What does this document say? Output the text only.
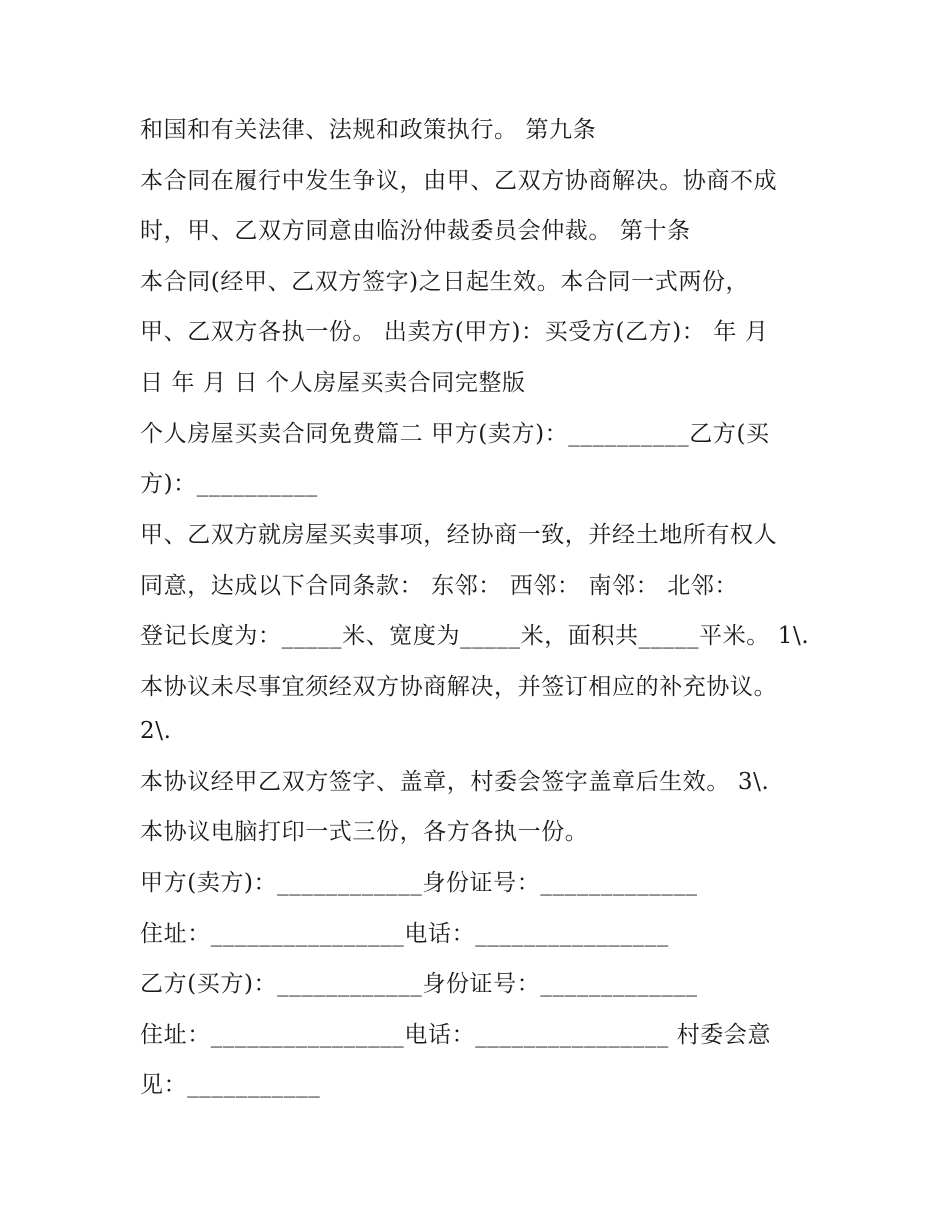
和国和有关法律、法规和政策执行。 第九条
本合同在履行中发生争议，由甲、乙双方协商解决。协商不成
时，甲、乙双方同意由临汾仲裁委员会仲裁。 第十条
本合同(经甲、乙双方签字)之日起生效。本合同一式两份，
甲、乙双方各执一份。 出卖方(甲方)：买受方(乙方)： 年 月
日 年 月 日 个人房屋买卖合同完整版
个人房屋买卖合同免费篇二 甲方(卖方)：__________乙方(买
方)：__________
甲、乙双方就房屋买卖事项，经协商一致，并经土地所有权人
同意，达成以下合同条款： 东邻： 西邻： 南邻： 北邻：
登记长度为：_____米、宽度为_____米，面积共_____平米。 1\.
本协议未尽事宜须经双方协商解决，并签订相应的补充协议。
2\.
本协议经甲乙双方签字、盖章，村委会签字盖章后生效。 3\.
本协议电脑打印一式三份，各方各执一份。
甲方(卖方)：____________身份证号：_____________
住址：________________电话：________________
乙方(买方)：____________身份证号：_____________
住址：________________电话：________________ 村委会意
见：___________
